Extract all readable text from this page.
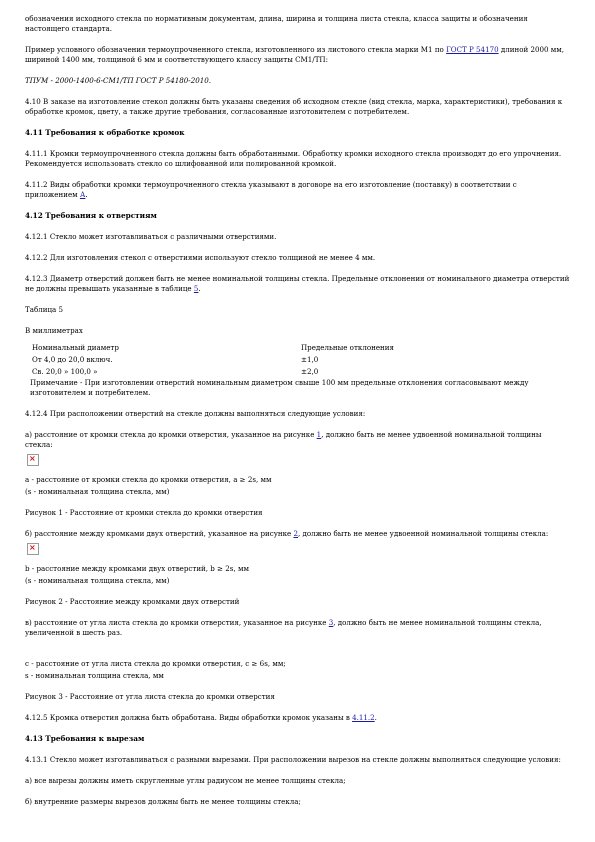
обозначения исходного стекла по нормативным документам, длина, ширина и толщина листа стекла, класса защиты и обозначения настоящего стандарта.

Пример условного обозначения термоупрочненного стекла, изготовленного из листового стекла марки М1 по ГОСТ Р 54170 длиной 2000 мм, шириной 1400 мм, толщиной 6 мм и соответствующего классу защиты СМ1/ТП:

ТПУМ - 2000-1400-6-СМ1/ТП ГОСТ Р 54180-2010.

4.10 В заказе на изготовление стекол должны быть указаны сведения об исходном стекле (вид стекла, марка, характеристики), требования к обработке кромок, цвету, а также другие требования, согласованные изготовителем с потребителем.

4.11 Требования к обработке кромок

4.11.1 Кромки термоупрочненного стекла должны быть обработанными. Обработку кромки исходного стекла производят до его упрочнения. Рекомендуется использовать стекло со шлифованной или полированной кромкой.

4.11.2 Виды обработки кромки термоупрочненного стекла указывают в договоре на его изготовление (поставку) в соответствии с приложением А.

4.12 Требования к отверстиям

4.12.1 Стекло может изготавливаться с различными отверстиями.

4.12.2 Для изготовления стекол с отверстиями используют стекло толщиной не менее 4 мм.

4.12.3 Диаметр отверстий должен быть не менее номинальной толщины стекла. Предельные отклонения от номинального диаметра отверстий не должны превышать указанные в таблице 5.

Таблица 5

В миллиметрах

Номинальный диаметр	Предельные отклонения
От 4,0 до 20,0 включ.	±1,0
Св. 20,0 » 100,0 »	±2,0
Примечание - При изготовлении отверстий номинальным диаметром свыше 100 мм предельные отклонения согласовывают между изготовителем и потребителем.

4.12.4 При расположении отверстий на стекле должны выполняться следующие условия:

а) расстояние от кромки стекла до кромки отверстия, указанное на рисунке 1, должно быть не менее удвоенной номинальной толщины стекла:

×

a - расстояние от кромки стекла до кромки отверстия, a ≥ 2s, мм

(s - номинальная толщина стекла, мм)

Рисунок 1 - Расстояние от кромки стекла до кромки отверстия

б) расстояние между кромками двух отверстий, указанное на рисунке 2, должно быть не менее удвоенной номинальной толщины стекла:

×

b - расстояние между кромками двух отверстий, b ≥ 2s, мм

(s - номинальная толщина стекла, мм)

Рисунок 2 - Расстояние между кромками двух отверстий

в) расстояние от угла листа стекла до кромки отверстия, указанное на рисунке 3, должно быть не менее номинальной толщины стекла, увеличенной в шесть раз.

c - расстояние от угла листа стекла до кромки отверстия, c ≥ 6s, мм;

s - номинальная толщина стекла, мм

Рисунок 3 - Расстояние от угла листа стекла до кромки отверстия

4.12.5 Кромка отверстия должна быть обработана. Виды обработки кромок указаны в 4.11.2.

4.13 Требования к вырезам

4.13.1 Стекло может изготавливаться с разными вырезами. При расположении вырезов на стекле должны выполняться следующие условия:

а) все вырезы должны иметь скругленные углы радиусом не менее толщины стекла;

б) внутренние размеры вырезов должны быть не менее толщины стекла;
